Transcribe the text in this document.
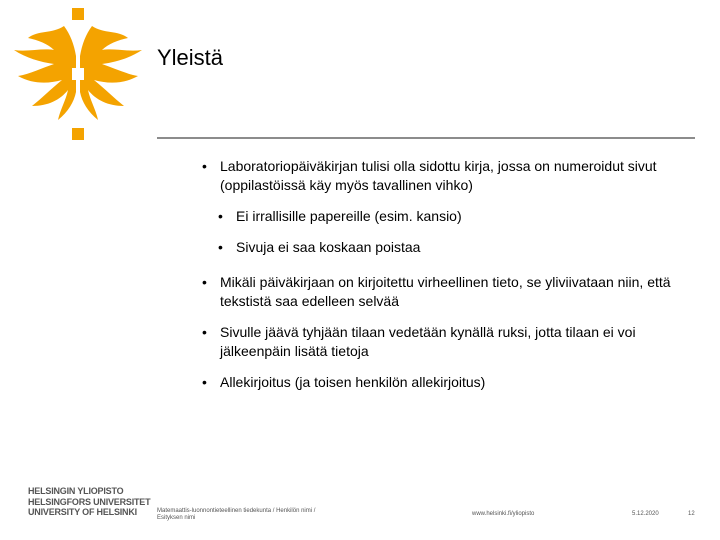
Yleistä

• Laboratoriopäiväkirjan tulisi olla sidottu kirja, jossa on numeroidut sivut (oppilastöissä käy myös tavallinen vihko)

• Ei irrallisille papereille (esim. kansio)

• Sivuja ei saa koskaan poistaa

• Mikäli päiväkirjaan on kirjoitettu virheellinen tieto, se yliviivataan niin, että tekstistä saa edelleen selvää

• Sivulle jäävä tyhjään tilaan vedetään kynällä ruksi, jotta tilaan ei voi jälkeenpäin lisätä tietoja

• Allekirjoitus (ja toisen henkilön allekirjoitus)

HELSINGIN YLIOPISTO
HELSINGFORS UNIVERSITET
UNIVERSITY OF HELSINKI	Matemaattis-luonnontieteellinen tiedekunta / Henkilön nimi /
Esityksen nimi
www.helsinki.fi/yliopisto	5.12.2020	12
